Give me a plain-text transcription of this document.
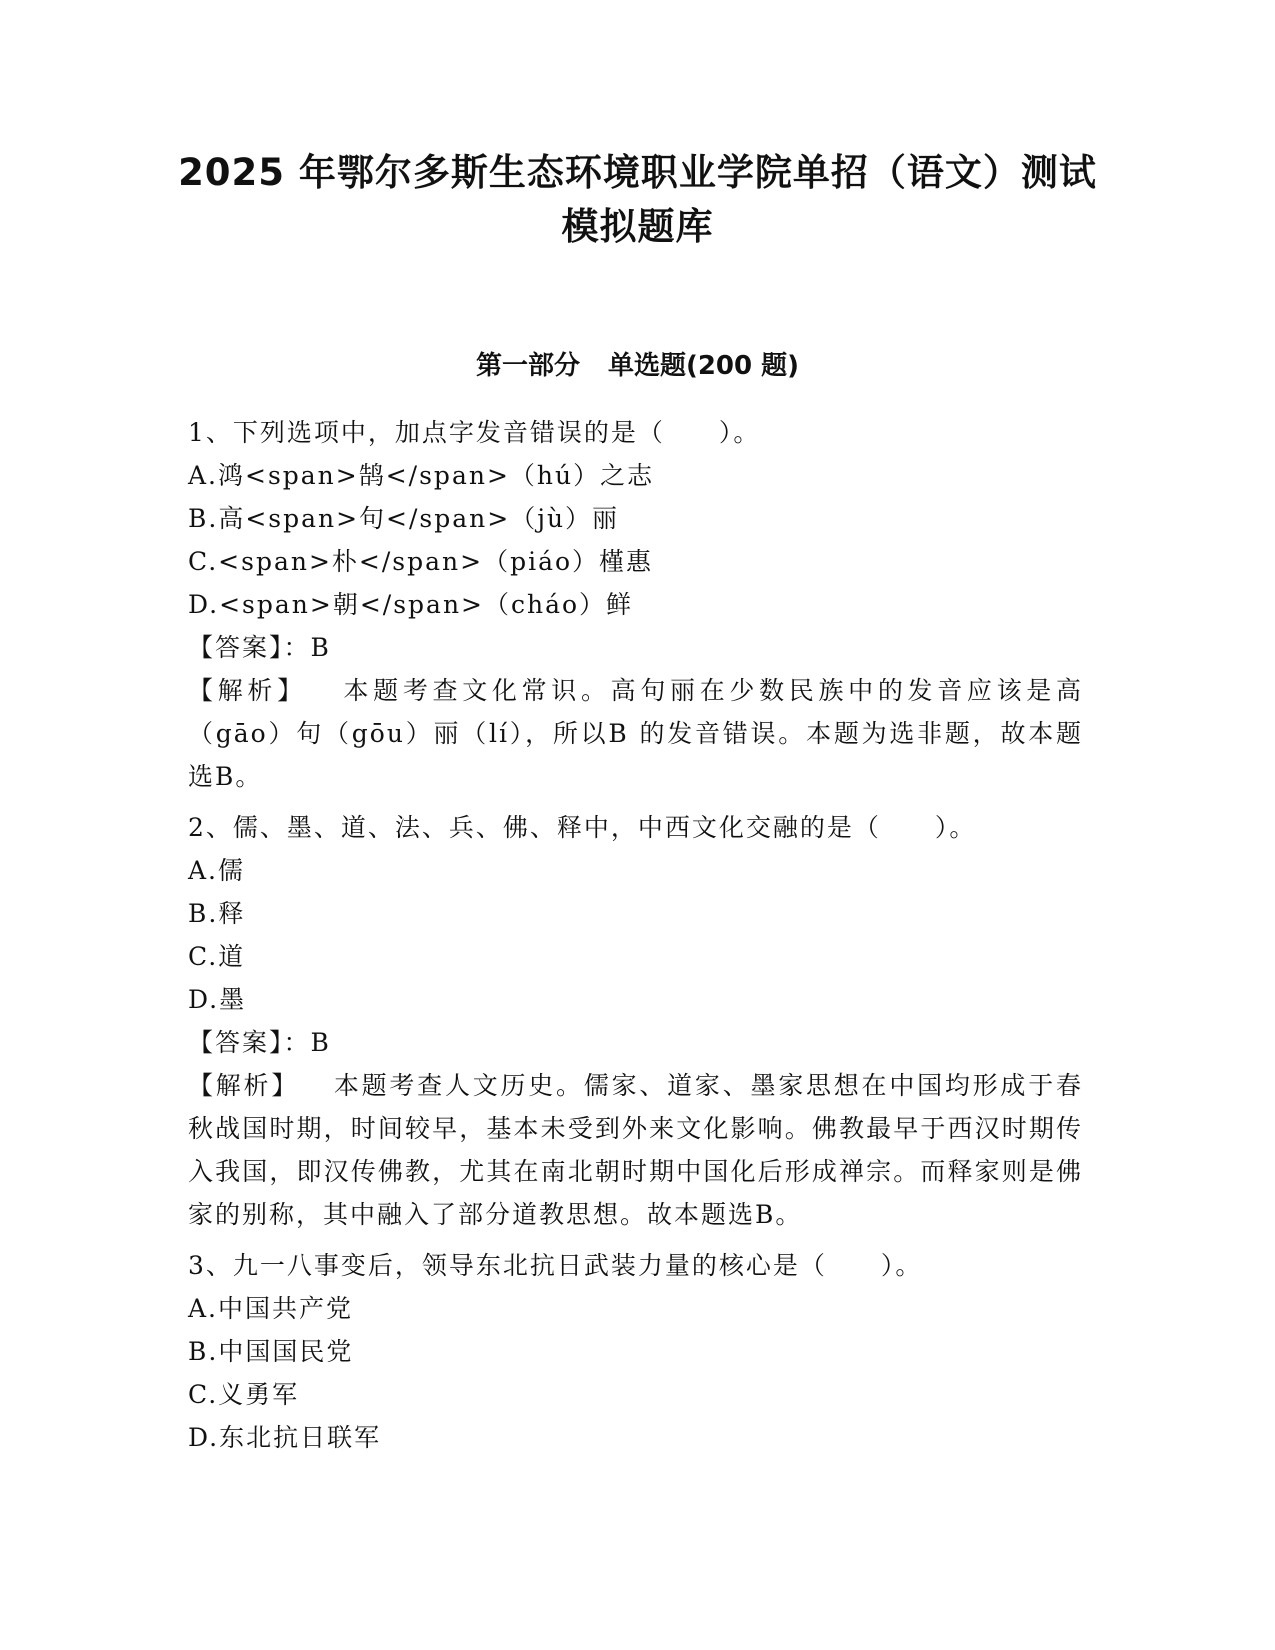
2025 年鄂尔多斯生态环境职业学院单招（语文）测试
模拟题库
第一部分 单选题(200 题)
1、下列选项中，加点字发音错误的是（　　）。
A.鸿<span>鹄</span>（hú）之志
B.高<span>句</span>（jù）丽
C.<span>朴</span>（piáo）槿惠
D.<span>朝</span>（cháo）鲜
【答案】：B
【解析】 本题考查文化常识。高句丽在少数民族中的发音应该是高（gāo）句（gōu）丽（lí），所以B 的发音错误。本题为选非题，故本题选B。
2、儒、墨、道、法、兵、佛、释中，中西文化交融的是（　　）。
A.儒
B.释
C.道
D.墨
【答案】：B
【解析】 本题考查人文历史。儒家、道家、墨家思想在中国均形成于春秋战国时期，时间较早，基本未受到外来文化影响。佛教最早于西汉时期传入我国，即汉传佛教，尤其在南北朝时期中国化后形成禅宗。而释家则是佛家的别称，其中融入了部分道教思想。故本题选B。
3、九一八事变后，领导东北抗日武装力量的核心是（　　）。
A.中国共产党
B.中国国民党
C.义勇军
D.东北抗日联军
